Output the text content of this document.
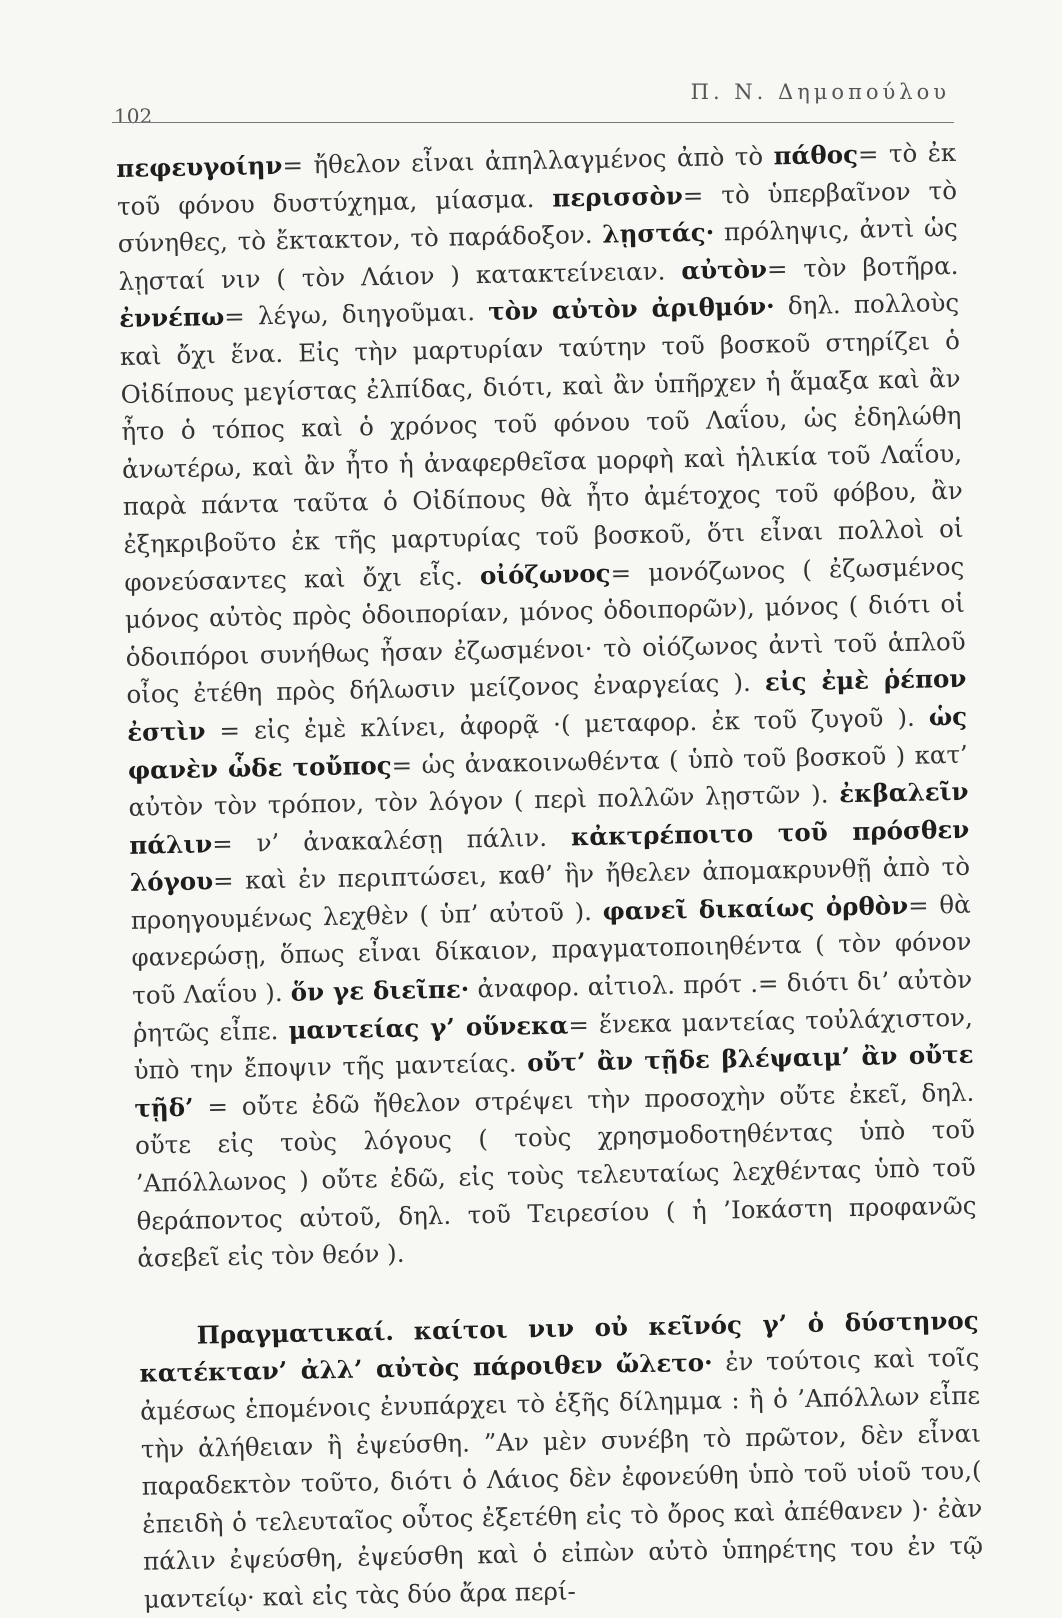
102
Π. Ν. Δημοπούλου

πεφευγοίην= ἤθελον εἶναι ἀπηλλαγμένος ἀπὸ τὸ πάθος= τὸ ἐκ τοῦ φόνου δυστύχημα, μίασμα. περισσὸν= τὸ ὑπερβαῖνον τὸ σύνηθες, τὸ ἔκτακτον, τὸ παράδοξον. λῃστάς· πρόληψις, ἀντὶ ὡς λῃσταί νιν ( τὸν Λάιον ) κατακτείνειαν. αὐτὸν= τὸν βοτῆρα. ἐννέπω= λέγω, διηγοῦμαι. τὸν αὐτὸν ἀριθμόν· δηλ. πολλοὺς καὶ ὄχι ἕνα. Εἰς τὴν μαρτυρίαν ταύτην τοῦ βοσκοῦ στηρίζει ὁ Οἰδίπους μεγίστας ἐλπίδας, διότι, καὶ ἂν ὑπῆρχεν ἡ ἅμαξα καὶ ἂν ἦτο ὁ τόπος καὶ ὁ χρόνος τοῦ φόνου τοῦ Λαΐου, ὡς ἐδηλώθη ἀνωτέρω, καὶ ἂν ἦτο ἡ ἀναφερθεῖσα μορφὴ καὶ ἡλικία τοῦ Λαΐου, παρὰ πάντα ταῦτα ὁ Οἰδίπους θὰ ἦτο ἀμέτοχος τοῦ φόβου, ἂν ἐξηκριβοῦτο ἐκ τῆς μαρτυρίας τοῦ βοσκοῦ, ὅτι εἶναι πολλοὶ οἱ φονεύσαντες καὶ ὄχι εἷς. οἰόζωνος= μονόζωνος ( ἐζωσμένος μόνος αὐτὸς πρὸς ὁδοιπορίαν, μόνος ὁδοιπορῶν), μόνος ( διότι οἱ ὁδοιπόροι συνήθως ἦσαν ἐζωσμένοι· τὸ οἰόζωνος ἀντὶ τοῦ ἁπλοῦ οἶος ἐτέθη πρὸς δήλωσιν μείζονος ἐναργείας ). εἰς ἐμὲ ῥέπον ἐστὶν = εἰς ἐμὲ κλίνει, ἀφορᾷ ·( μεταφορ. ἐκ τοῦ ζυγοῦ ). ὡς φανὲν ὧδε τοὔπος= ὡς ἀνακοινωθέντα ( ὑπὸ τοῦ βοσκοῦ ) κατ’ αὐτὸν τὸν τρόπον, τὸν λόγον ( περὶ πολλῶν λῃστῶν ). ἐκβαλεῖν πάλιν= ν’ ἀνακαλέσῃ πάλιν. κἀκτρέποιτο τοῦ πρόσθεν λόγου= καὶ ἐν περιπτώσει, καθ’ ἣν ἤθελεν ἀπομακρυνθῇ ἀπὸ τὸ προηγουμένως λεχθὲν ( ὑπ’ αὐτοῦ ). φανεῖ δικαίως ὀρθὸν= θὰ φανερώσῃ, ὅπως εἶναι δίκαιον, πραγματοποιηθέντα ( τὸν φόνον τοῦ Λαΐου ). ὅν γε διεῖπε· ἀναφορ. αἰτιολ. πρότ .= διότι δι’ αὐτὸν ῥητῶς εἶπε. μαντείας γ’ οὕνεκα= ἕνεκα μαντείας τοὐλάχιστον, ὑπὸ την ἔποψιν τῆς μαντείας. οὔτ’ ἂν τῇδε βλέψαιμ’ ἂν οὔτε τῇδ’ = οὔτε ἐδῶ ἤθελον στρέψει τὴν προσοχὴν οὔτε ἐκεῖ, δηλ. οὔτε εἰς τοὺς λόγους ( τοὺς χρησμοδοτηθέντας ὑπὸ τοῦ ’Απόλλωνος ) οὔτε ἐδῶ, εἰς τοὺς τελευταίως λεχθέντας ὑπὸ τοῦ θεράποντος αὐτοῦ, δηλ. τοῦ Τειρεσίου ( ἡ ’Ιοκάστη προφανῶς ἀσεβεῖ εἰς τὸν θεόν ).

Πραγματικαί. καίτοι νιν οὐ κεῖνός γ’ ὁ δύστηνος κατέκταν’ ἀλλ’ αὐτὸς πάροιθεν ὤλετο· ἐν τούτοις καὶ τοῖς ἀμέσως ἑπομένοις ἐνυπάρχει τὸ ἑξῆς δίλημμα : ἢ ὁ ’Απόλλων εἶπε τὴν ἀλήθειαν ἢ ἐψεύσθη. ”Αν μὲν συνέβη τὸ πρῶτον, δὲν εἶναι παραδεκτὸν τοῦτο, διότι ὁ Λάιος δὲν ἐφονεύθη ὑπὸ τοῦ υἱοῦ του,( ἐπειδὴ ὁ τελευταῖος οὗτος ἐξετέθη εἰς τὸ ὄρος καὶ ἀπέθανεν )· ἐὰν πάλιν ἐψεύσθη, ἐψεύσθη καὶ ὁ εἰπὼν αὐτὸ ὑπηρέτης του ἐν τῷ μαντείῳ· καὶ εἰς τὰς δύο ἄρα περί-
